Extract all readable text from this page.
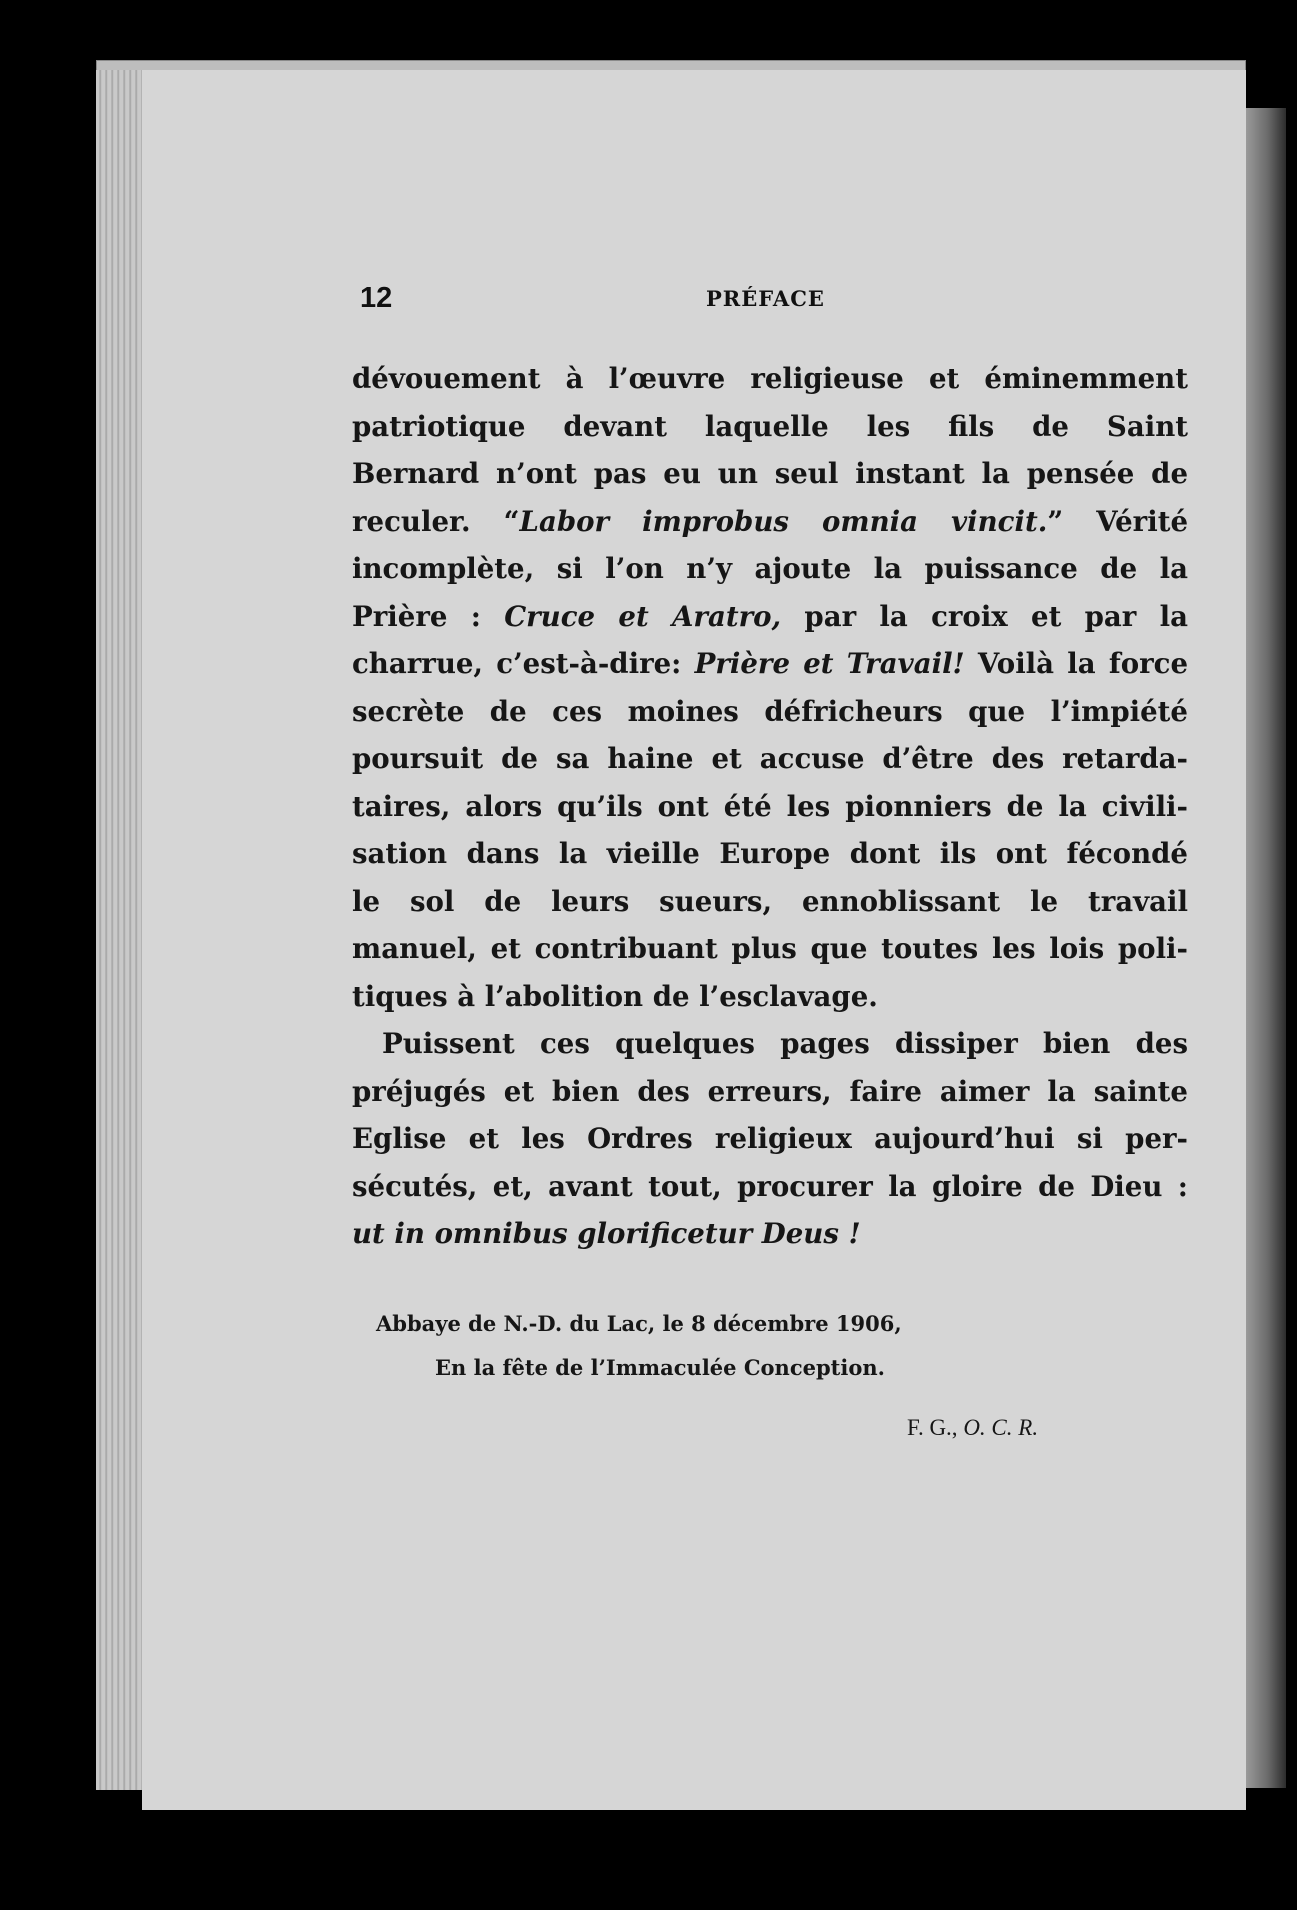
12	PRÉFACE
dévouement à l’œuvre religieuse et éminemment
patriotique devant laquelle les fils de Saint
Bernard n’ont pas eu un seul instant la pensée de
reculer. “Labor improbus omnia vincit.” Vérité
incomplète, si l’on n’y ajoute la puissance de la
Prière : Cruce et Aratro, par la croix et par la
charrue, c’est-à-dire: Prière et Travail! Voilà la force
secrète de ces moines défricheurs que l’impiété
poursuit de sa haine et accuse d’être des retarda-
taires, alors qu’ils ont été les pionniers de la civili-
sation dans la vieille Europe dont ils ont fécondé
le sol de leurs sueurs, ennoblissant le travail
manuel, et contribuant plus que toutes les lois poli-
tiques à l’abolition de l’esclavage.
Puissent ces quelques pages dissiper bien des
préjugés et bien des erreurs, faire aimer la sainte
Eglise et les Ordres religieux aujourd’hui si per-
sécutés, et, avant tout, procurer la gloire de Dieu :
ut in omnibus glorificetur Deus !
Abbaye de N.-D. du Lac, le 8 décembre 1906,
En la fête de l’Immaculée Conception.
F. G., O. C. R.
